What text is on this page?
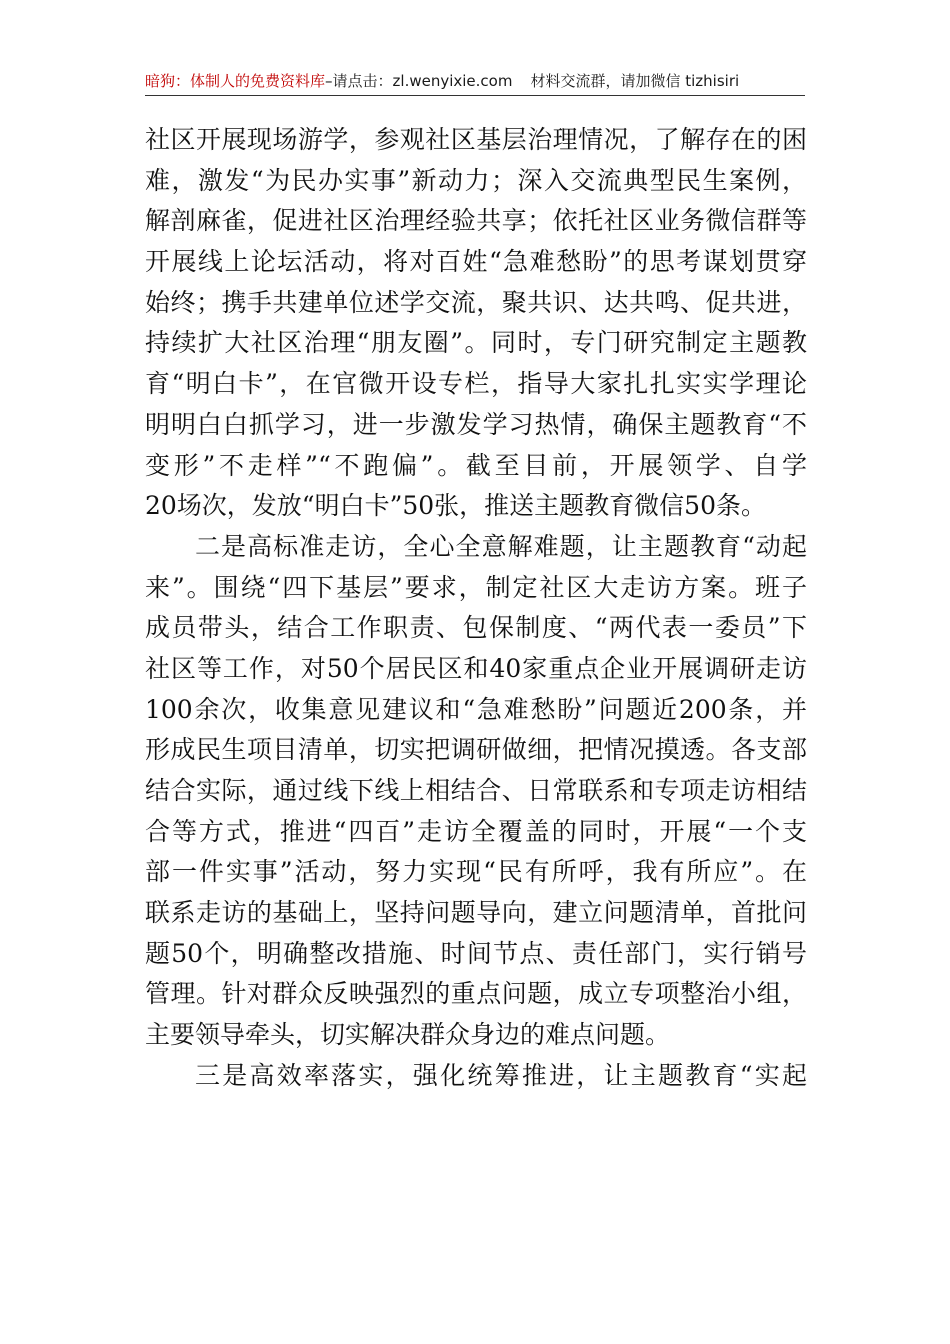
暗狗：体制人的免费资料库–请点击：zl.wenyixie.com 材料交流群，请加微信 tizhisiri

社区开展现场游学，参观社区基层治理情况，了解存在的困
难，激发“为民办实事”新动力；深入交流典型民生案例，
解剖麻雀，促进社区治理经验共享；依托社区业务微信群等
开展线上论坛活动，将对百姓“急难愁盼”的思考谋划贯穿
始终；携手共建单位述学交流，聚共识、达共鸣、促共进，
持续扩大社区治理“朋友圈”。同时，专门研究制定主题教
育“明白卡”，在官微开设专栏，指导大家扎扎实实学理论
明明白白抓学习，进一步激发学习热情，确保主题教育“不
变形”不走样”“不跑偏”。截至目前，开展领学、自学
20场次，发放“明白卡”50张，推送主题教育微信50条。

二是高标准走访，全心全意解难题，让主题教育“动起
来”。围绕“四下基层”要求，制定社区大走访方案。班子
成员带头，结合工作职责、包保制度、“两代表一委员”下
社区等工作，对50个居民区和40家重点企业开展调研走访
100余次，收集意见建议和“急难愁盼”问题近200条，并
形成民生项目清单，切实把调研做细，把情况摸透。各支部
结合实际，通过线下线上相结合、日常联系和专项走访相结
合等方式，推进“四百”走访全覆盖的同时，开展“一个支
部一件实事”活动，努力实现“民有所呼，我有所应”。在
联系走访的基础上，坚持问题导向，建立问题清单，首批问
题50个，明确整改措施、时间节点、责任部门，实行销号
管理。针对群众反映强烈的重点问题，成立专项整治小组，
主要领导牵头，切实解决群众身边的难点问题。

三是高效率落实，强化统筹推进，让主题教育“实起
